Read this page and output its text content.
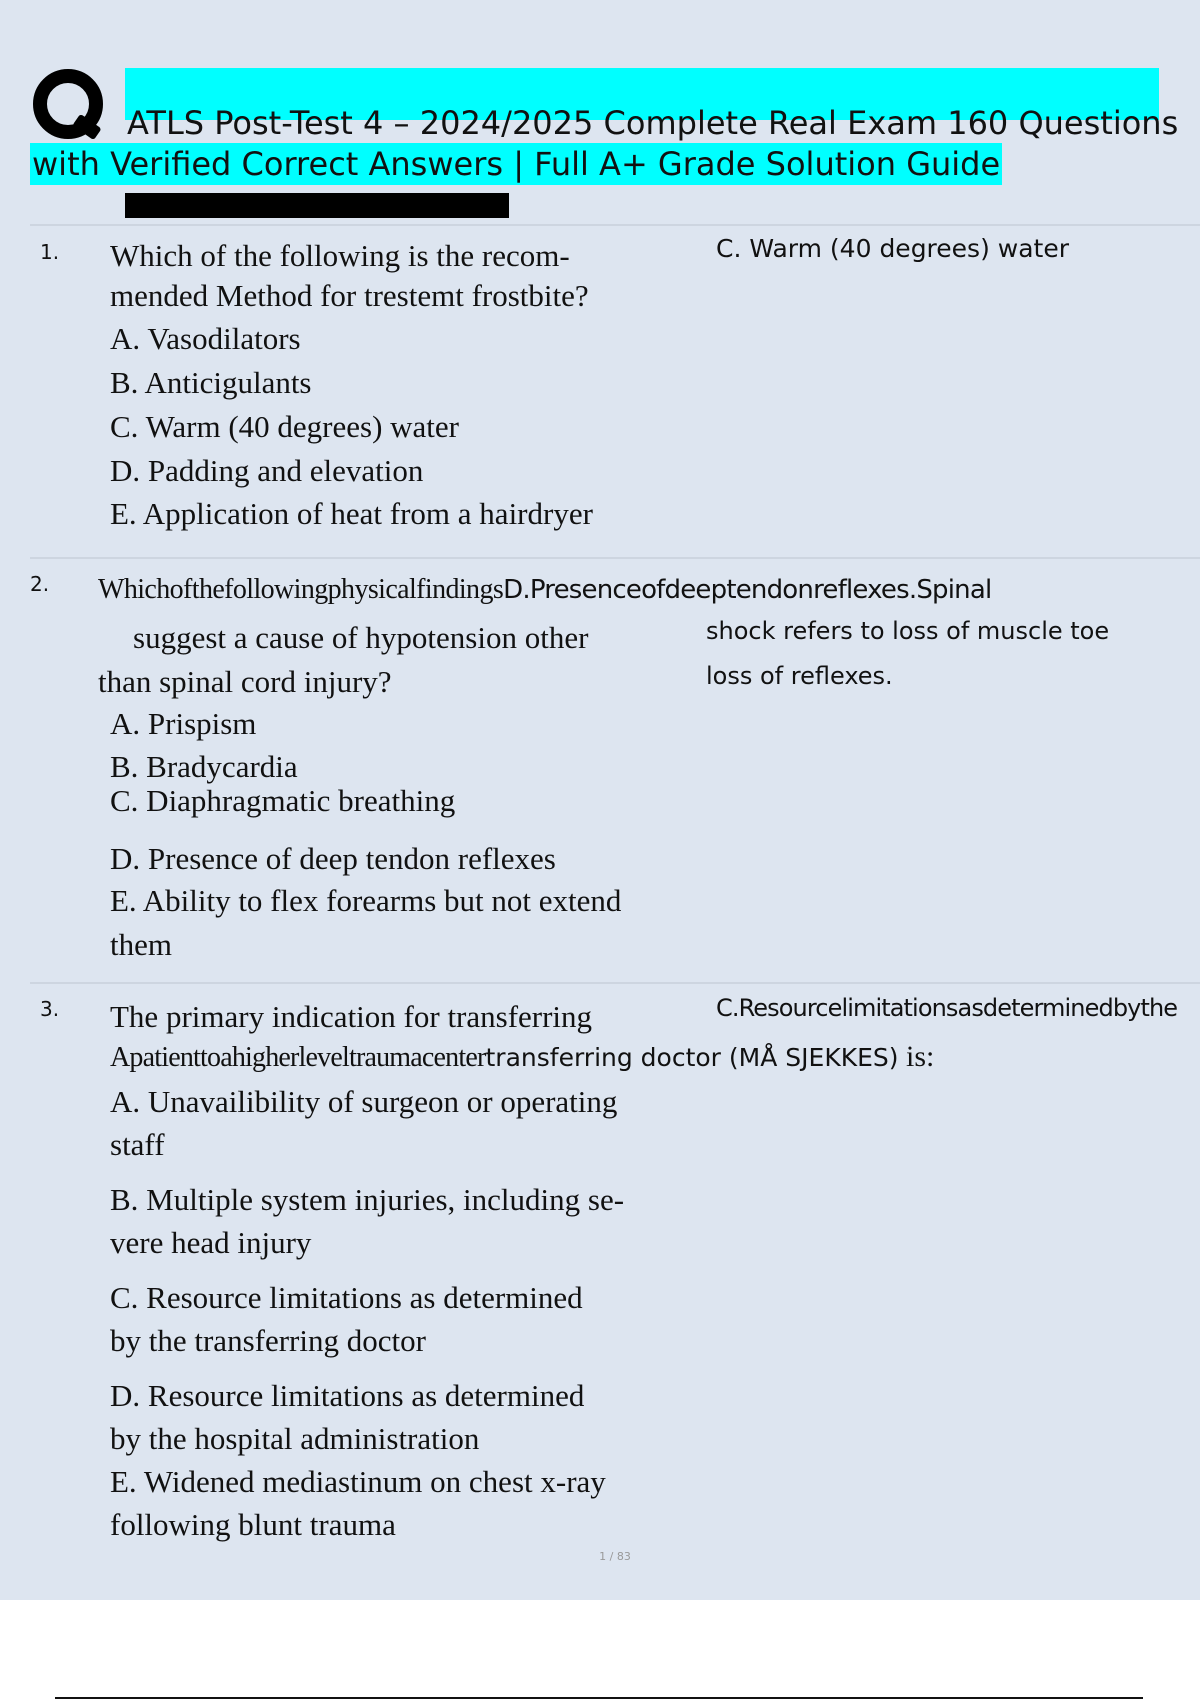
ATLS Post-Test 4 – 2024/2025 Complete Real Exam 160 Questions
with Verified Correct Answers | Full A+ Grade Solution Guide
1. Which of the following is the recom-
mended Method for trestemt frostbite?
A. Vasodilators
B. Anticigulants
C. Warm (40 degrees) water
D. Padding and elevation
E. Application of heat from a hairdryer
C. Warm (40 degrees) water
2. WhichofthefollowingphysicalfindingsD.Presenceofdeeptendonreflexes.Spinal
suggest a cause of hypotension other
than spinal cord injury?
A. Prispism
B. Bradycardia
C. Diaphragmatic breathing
D. Presence of deep tendon reflexes
E. Ability to flex forearms but not extend
them
shock refers to loss of muscle toe
loss of reflexes.
3. The primary indication for transferring	C.Resourcelimitationsasdeterminedbythe
Apatienttoahigherleveltraumacentertransferring doctor (MÅ SJEKKES) is:
A. Unavailibility of surgeon or operating
staff
B. Multiple system injuries, including se-
vere head injury
C. Resource limitations as determined
by the transferring doctor
D. Resource limitations as determined
by the hospital administration
E. Widened mediastinum on chest x-ray
following blunt trauma
1 / 83
